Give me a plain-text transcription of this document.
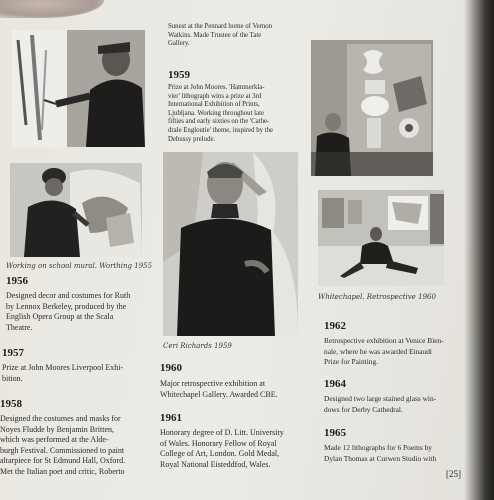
Working on school mural. Worthing 1955
Ceri Richards 1959
Whitechapel, Retrospective 1960
Sunest at the Pennard home of Vernon
Watkins. Made Trustee of the Tate
Gallery.
1959
Prize at John Moores. 'Hammerkla-
vier' lithograph wins a prize at 3rd
International Exhibition of Prints,
Ljubljana. Working throughout late
fifties and early sixties on the 'Cathe-
drale Engloutie' theme, inspired by the
Debussy prelude.
1956
Designed decor and costumes for Ruth
by Lennox Berkeley, produced by the
English Opera Group at the Scala
Theatre.
1957
Prize at John Moores Liverpool Exhi-
bition.
1958
Designed the costumes and masks for
Noyes Fludde by Benjamin Britten,
which was performed at the Alde-
burgh Festival. Commissioned to paint
altarpiece for St Edmund Hall, Oxford.
Met the Italian poet and critic, Roberto
1960
Major retrospective exhibition at
Whitechapel Gallery. Awarded CBE.
1961
Honorary degree of D. Litt. University
of Wales. Honorary Fellow of Royal
College of Art, London. Gold Medal,
Royal National Eisteddfod, Wales.
1962
Retrospective exhibition at Venice Bien-
nale, where he was awarded Einaudi
Prize for Painting.
1964
Designed two large stained glass win-
dows for Derby Cathedral.
1965
Made 12 lithographs for 6 Poems by
Dylan Thomas at Curwen Studio with
[25]
